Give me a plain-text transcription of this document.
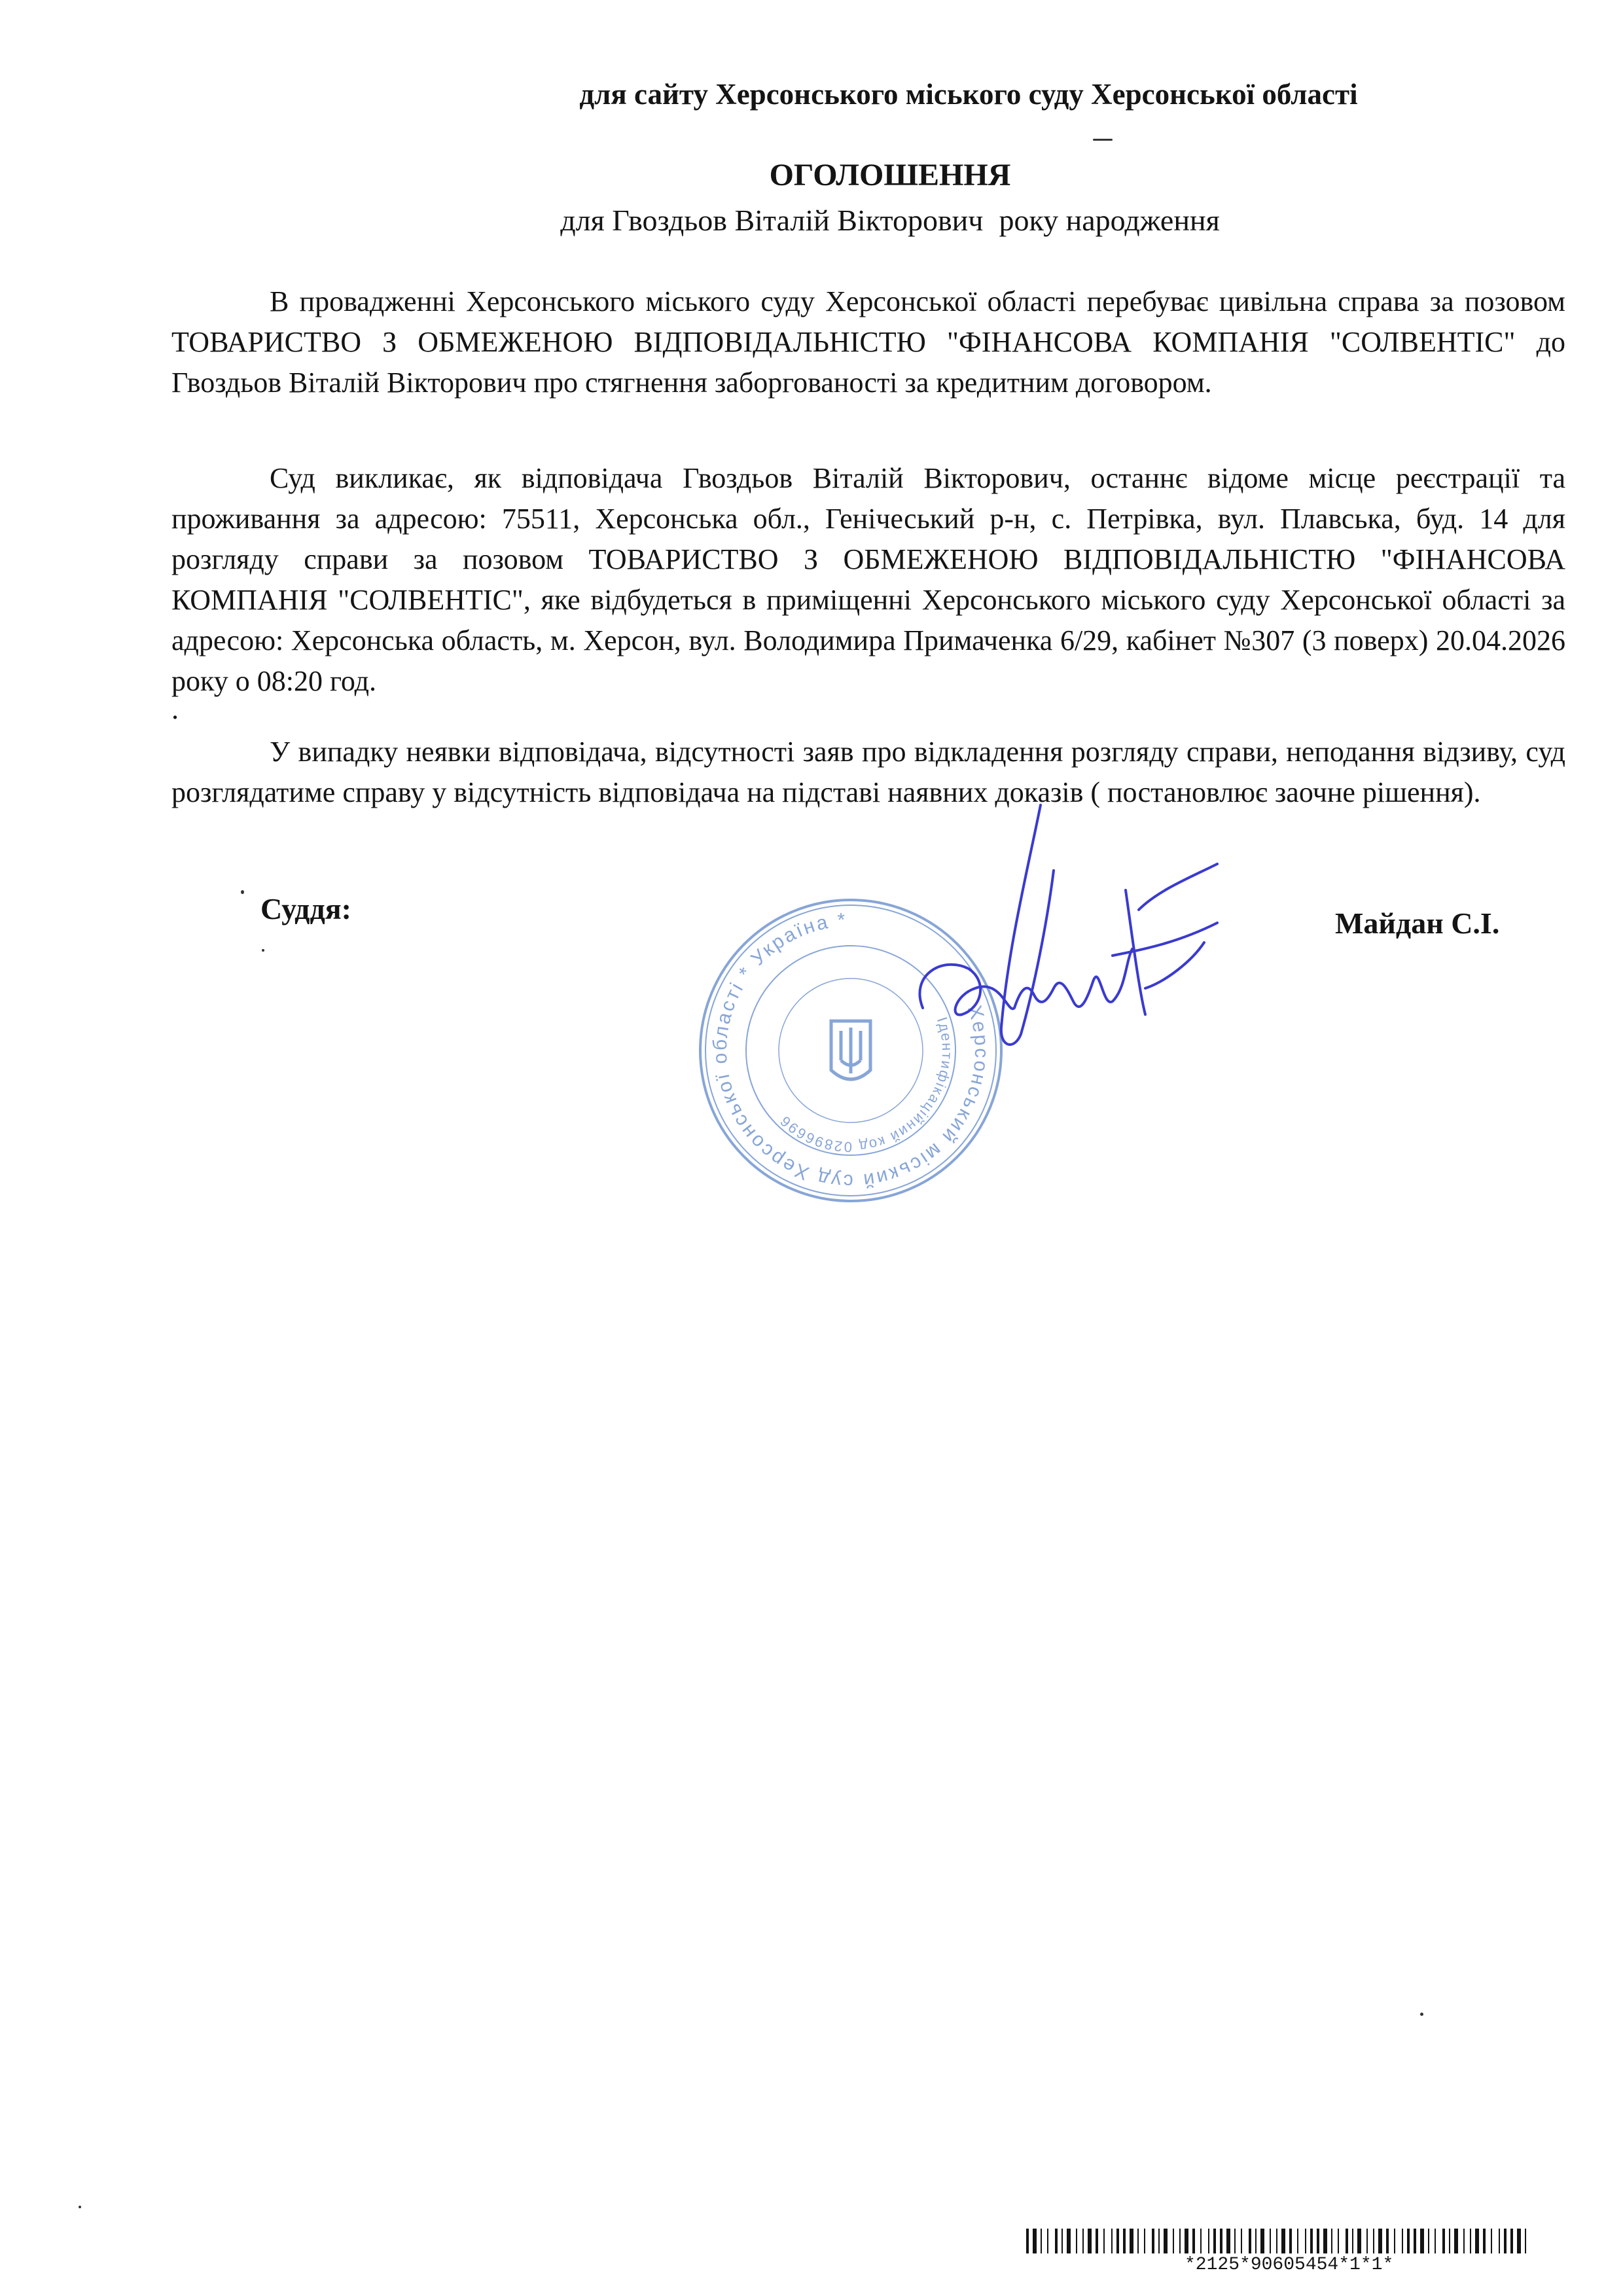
для сайту Херсонського міського суду Херсонської області
ОГОЛОШЕННЯ
для Гвоздьов Віталій Вікторович року народження

В провадженні Херсонського міського суду Херсонської області перебуває цивільна справа за позовом ТОВАРИСТВО З ОБМЕЖЕНОЮ ВІДПОВІДАЛЬНІСТЮ "ФІНАНСОВА КОМПАНІЯ "СОЛВЕНТІС" до Гвоздьов Віталій Вікторович про стягнення заборгованості за кредитним договором.

Суд викликає, як відповідача Гвоздьов Віталій Вікторович, останнє відоме місце реєстрації та проживання за адресою: 75511, Херсонська обл., Генічеський р-н, с. Петрівка, вул. Плавська, буд. 14 для розгляду справи за позовом ТОВАРИСТВО З ОБМЕЖЕНОЮ ВІДПОВІДАЛЬНІСТЮ "ФІНАНСОВА КОМПАНІЯ "СОЛВЕНТІС", яке відбудеться в приміщенні Херсонського міського суду Херсонської області за адресою: Херсонська область, м. Херсон, вул. Володимира Примаченка 6/29, кабінет №307 (3 поверх) 20.04.2026 року о 08:20 год.

.

У випадку неявки відповідача, відсутності заяв про відкладення розгляду справи, неподання відзиву, суд розглядатиме справу у відсутність відповідача на підставі наявних доказів ( постановлює заочне рішення).

Суддя:	Майдан С.І.
Херсонський міський суд Херсонської області * Україна *
Ідентифікаційний код 02896696
*2125*90605454*1*1*
